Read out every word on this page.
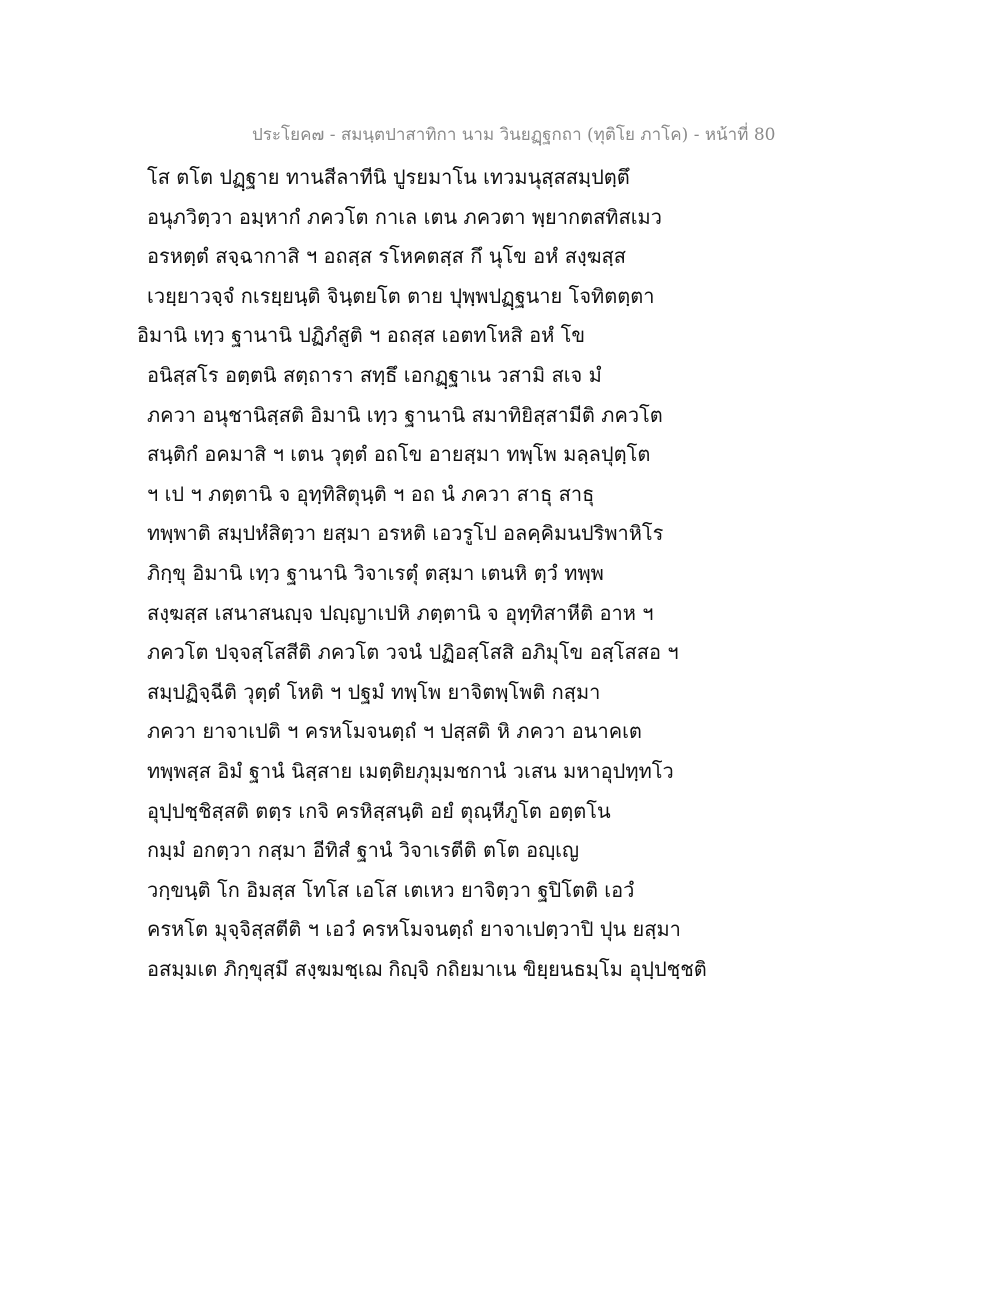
ประโยค๗ - สมนฺตปาสาทิกา นาม วินยฏฺฐกถา (ทุติโย ภาโค) - หน้าที่ 80
โส ตโต ปฏฺฐาย ทานสีลาทีนิ ปูรยมาโน เทวมนุสฺสสมฺปตฺตึ
อนุภวิตฺวา อมฺหากํ ภควโต กาเล เตน ภควตา พฺยากตสทิสเมว
อรหตฺตํ สจฺฉากาสิ ฯ อถสฺส รโหคตสฺส กึ นุโข อหํ สงฺฆสฺส
เวยฺยาวจฺจํ กเรยฺยนฺติ จินฺตยโต ตาย ปุพฺพปฏฺฐนาย โจทิตตฺตา
อิมานิ เทฺว ฐานานิ ปฏิภํสูติ ฯ อถสฺส เอตทโหสิ อหํ โข
อนิสฺสโร อตฺตนิ สตฺถารา สทฺธึ เอกฏฺฐาเน วสามิ สเจ มํ
ภควา อนุชานิสฺสติ อิมานิ เทฺว ฐานานิ สมาทิยิสฺสามีติ ภควโต
สนฺติกํ อคมาสิ ฯ เตน วุตฺตํ อถโข อายสฺมา ทพฺโพ มลฺลปุตฺโต
ฯ เป ฯ ภตฺตานิ จ อุทฺทิสิตุนฺติ ฯ อถ นํ ภควา สาธุ สาธุ
ทพฺพาติ สมฺปหํสิตฺวา ยสฺมา อรหติ เอวรูโป อลคฺคิมนปริพาหิโร
ภิกฺขุ อิมานิ เทฺว ฐานานิ วิจาเรตุํ ตสฺมา เตนหิ ตฺวํ ทพฺพ
สงฺฆสฺส เสนาสนญฺจ ปญฺญาเปหิ ภตฺตานิ จ อุทฺทิสาหีติ อาห ฯ
ภควโต ปจฺจสฺโสสีติ ภควโต วจนํ ปฏิอสฺโสสิ อภิมุโข อสฺโสสอ ฯ
สมฺปฏิจฺฉีติ วุตฺตํ โหติ ฯ ปฐมํ ทพฺโพ ยาจิตพฺโพติ กสฺมา
ภควา ยาจาเปติ ฯ ครหโมจนตฺถํ ฯ ปสฺสติ หิ ภควา อนาคเต
ทพฺพสฺส อิมํ ฐานํ นิสฺสาย เมตฺติยภุมฺมชกานํ วเสน มหาอุปทฺทโว
อุปฺปชฺชิสฺสติ ตตฺร เกจิ ครหิสฺสนฺติ อยํ ตุณฺหีภูโต อตฺตโน
กมฺมํ อกตฺวา กสฺมา อีทิสํ ฐานํ วิจาเรตีติ ตโต อญฺเญ
วกฺขนฺติ โก อิมสฺส โทโส เอโส เตเหว ยาจิตฺวา ฐปิโตติ เอวํ
ครหโต มุจฺจิสฺสตีติ ฯ เอวํ ครหโมจนตฺถํ ยาจาเปตฺวาปิ ปุน ยสฺมา
อสมฺมเต ภิกฺขุสฺมึ สงฺฆมชฺเฌ กิญฺจิ กถิยมาเน ขิยฺยนธมฺโม อุปฺปชฺชติ
